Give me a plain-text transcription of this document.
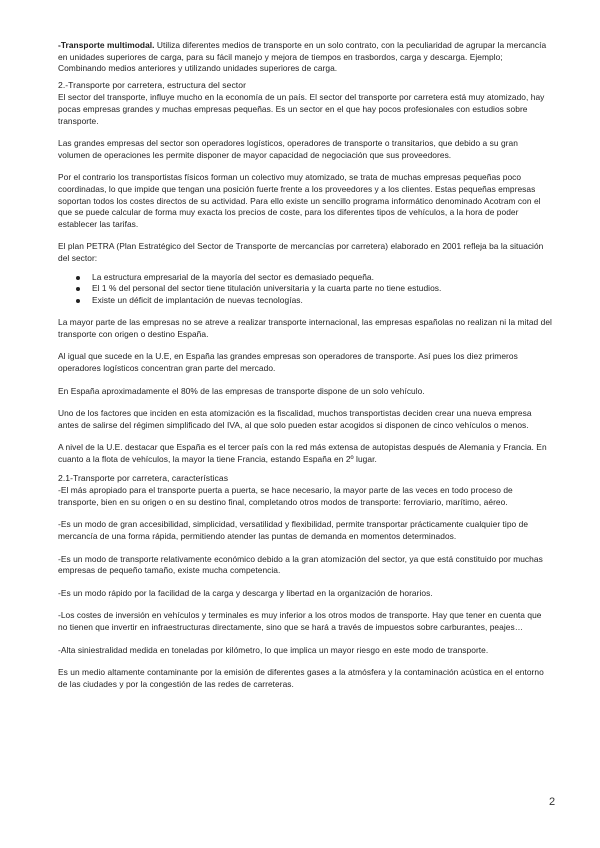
-Transporte multimodal. Utiliza diferentes medios de transporte en un solo contrato, con la peculiaridad de agrupar la mercancía en unidades superiores de carga, para su fácil manejo y mejora de tiempos en trasbordos, carga y descarga. Ejemplo; Combinando medios anteriores y utilizando unidades superiores de carga.

2.-Transporte por carretera, estructura del sector

El sector del transporte, influye mucho en la economía de un país. El sector del transporte por carretera está muy atomizado, hay pocas empresas grandes y muchas empresas pequeñas. Es un sector en el que hay pocos profesionales con estudios sobre transporte.

Las grandes empresas del sector son operadores logísticos, operadores de transporte o transitarios, que debido a su gran volumen de operaciones les permite disponer de mayor capacidad de negociación que sus proveedores.

Por el contrario los transportistas físicos forman un colectivo muy atomizado, se trata de muchas empresas pequeñas poco coordinadas, lo que impide que tengan una posición fuerte frente a los proveedores y a los clientes. Estas pequeñas empresas soportan todos los costes directos de su actividad. Para ello existe un sencillo programa informático denominado Acotram con el que se puede calcular de forma muy exacta los precios de coste, para los diferentes tipos de vehículos, a la hora de poder establecer las tarifas.

El plan PETRA (Plan Estratégico del Sector de Transporte de mercancías por carretera) elaborado en 2001 refleja ba la situación del sector:

La estructura empresarial de la mayoría del sector es demasiado pequeña.
El 1 % del personal del sector tiene titulación universitaria y la cuarta parte no tiene estudios.
Existe un déficit de implantación de nuevas tecnologías.

La mayor parte de las empresas no se atreve a realizar transporte internacional, las empresas españolas no realizan ni la mitad del transporte con origen o destino España.

Al igual que sucede en la U.E, en España las grandes empresas son operadores de transporte. Así pues los diez primeros operadores logísticos concentran gran parte del mercado.

En España aproximadamente el 80% de las empresas de transporte dispone de un solo vehículo.

Uno de los factores que inciden en esta atomización es la fiscalidad, muchos transportistas deciden crear una nueva empresa antes de salirse del régimen simplificado del IVA, al que solo pueden estar acogidos si disponen de cinco vehículos o menos.

A nivel de la U.E. destacar que España es el tercer país con la red más extensa de autopistas después de Alemania y Francia. En cuanto a la flota de vehículos, la mayor la tiene Francia, estando España en 2º lugar.

2.1-Transporte por carretera, características

-El más apropiado para el transporte puerta a puerta, se hace necesario, la mayor parte de las veces en todo proceso de transporte, bien en su origen o en su destino final, completando otros modos de transporte: ferroviario, marítimo, aéreo.

-Es un modo de gran accesibilidad, simplicidad, versatilidad y flexibilidad, permite transportar prácticamente cualquier tipo de mercancía de una forma rápida, permitiendo atender las puntas de demanda en momentos determinados.

-Es un modo de transporte relativamente económico debido a la gran atomización del sector, ya que está constituido por muchas empresas de pequeño tamaño, existe mucha competencia.

-Es un modo rápido por la facilidad de la carga y descarga y libertad en la organización de horarios.

-Los costes de inversión en vehículos y terminales es muy inferior a los otros modos de transporte. Hay que tener en cuenta que no tienen que invertir en infraestructuras directamente, sino que se hará a través de impuestos sobre carburantes, peajes…

-Alta siniestralidad medida en toneladas por kilómetro, lo que implica un mayor riesgo en este modo de transporte.

Es un medio altamente contaminante por la emisión de diferentes gases a la atmósfera y la contaminación acústica en el entorno de las ciudades y por la congestión de las redes de carreteras.

2
